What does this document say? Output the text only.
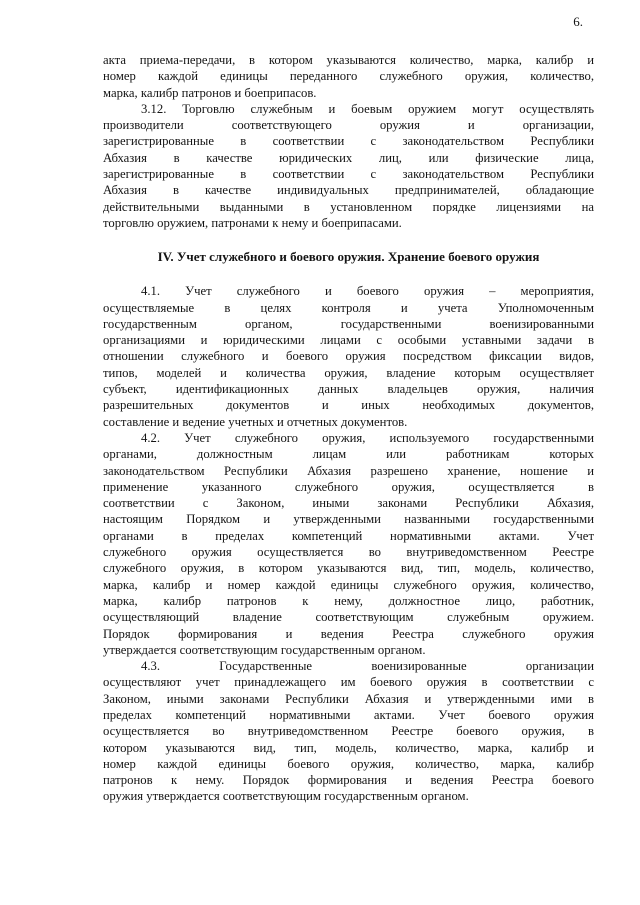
6.
акта приема-передачи, в котором указываются количество, марка, калибр и
номер каждой единицы переданного служебного оружия, количество,
марка, калибр патронов и боеприпасов.
3.12. Торговлю служебным и боевым оружием могут осуществлять
производители соответствующего оружия и организации,
зарегистрированные в соответствии с законодательством Республики
Абхазия в качестве юридических лиц, или физические лица,
зарегистрированные в соответствии с законодательством Республики
Абхазия в качестве индивидуальных предпринимателей, обладающие
действительными выданными в установленном порядке лицензиями на
торговлю оружием, патронами к нему и боеприпасами.
IV. Учет служебного и боевого оружия. Хранение боевого оружия
4.1. Учет служебного и боевого оружия – мероприятия,
осуществляемые в целях контроля и учета Уполномоченным
государственным органом, государственными военизированными
организациями и юридическими лицами с особыми уставными задачи в
отношении служебного и боевого оружия посредством фиксации видов,
типов, моделей и количества оружия, владение которым осуществляет
субъект, идентификационных данных владельцев оружия, наличия
разрешительных документов и иных необходимых документов,
составление и ведение учетных и отчетных документов.
4.2. Учет служебного оружия, используемого государственными
органами, должностным лицам или работникам которых
законодательством Республики Абхазия разрешено хранение, ношение и
применение указанного служебного оружия, осуществляется в
соответствии с Законом, иными законами Республики Абхазия,
настоящим Порядком и утвержденными названными государственными
органами в пределах компетенций нормативными актами. Учет
служебного оружия осуществляется во внутриведомственном Реестре
служебного оружия, в котором указываются вид, тип, модель, количество,
марка, калибр и номер каждой единицы служебного оружия, количество,
марка, калибр патронов к нему, должностное лицо, работник,
осуществляющий владение соответствующим служебным оружием.
Порядок формирования и ведения Реестра служебного оружия
утверждается соответствующим государственным органом.
4.3. Государственные военизированные организации
осуществляют учет принадлежащего им боевого оружия в соответствии с
Законом, иными законами Республики Абхазия и утвержденными ими в
пределах компетенций нормативными актами. Учет боевого оружия
осуществляется во внутриведомственном Реестре боевого оружия, в
котором указываются вид, тип, модель, количество, марка, калибр и
номер каждой единицы боевого оружия, количество, марка, калибр
патронов к нему. Порядок формирования и ведения Реестра боевого
оружия утверждается соответствующим государственным органом.
